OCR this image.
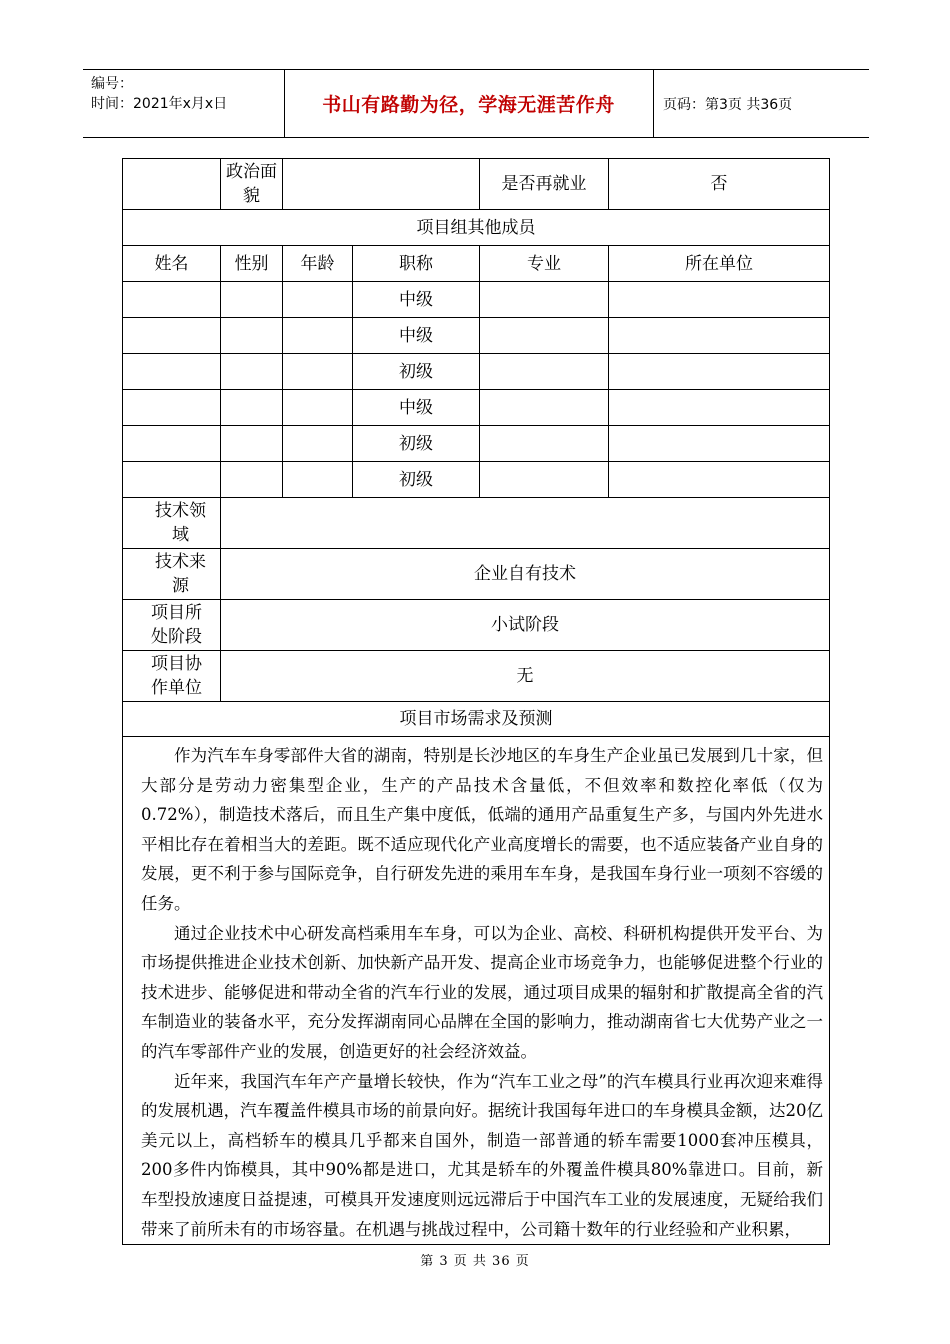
编号：
时间：2021年x月x日	书山有路勤为径，学海无涯苦作舟	页码：第3页 共36页
	政治面貌			是否再就业	否
项目组其他成员					
姓名	性别	年龄	职称	专业	所在单位
			中级		
			中级		
			初级		
			中级		
			初级		
			初级		
技术领域					
技术来源	企业自有技术				
项目所处阶段	小试阶段				
项目协作单位	无				
项目市场需求及预测					

作为汽车车身零部件大省的湖南，特别是长沙地区的车身生产企业虽已发展到几十家，但大部分是劳动力密集型企业，生产的产品技术含量低，不但效率和数控化率低（仅为0.72%），制造技术落后，而且生产集中度低，低端的通用产品重复生产多，与国内外先进水平相比存在着相当大的差距。既不适应现代化产业高度增长的需要，也不适应装备产业自身的发展，更不利于参与国际竞争，自行研发先进的乘用车车身，是我国车身行业一项刻不容缓的任务。

通过企业技术中心研发高档乘用车车身，可以为企业、高校、科研机构提供开发平台、为市场提供推进企业技术创新、加快新产品开发、提高企业市场竞争力，也能够促进整个行业的技术进步、能够促进和带动全省的汽车行业的发展，通过项目成果的辐射和扩散提高全省的汽车制造业的装备水平，充分发挥湖南同心品牌在全国的影响力，推动湖南省七大优势产业之一的汽车零部件产业的发展，创造更好的社会经济效益。

近年来，我国汽车年产产量增长较快，作为“汽车工业之母”的汽车模具行业再次迎来难得的发展机遇，汽车覆盖件模具市场的前景向好。据统计我国每年进口的车身模具金额，达20亿美元以上，高档轿车的模具几乎都来自国外，制造一部普通的轿车需要1000套冲压模具，200多件内饰模具，其中90%都是进口，尤其是轿车的外覆盖件模具80%靠进口。目前，新车型投放速度日益提速，可模具开发速度则远远滞后于中国汽车工业的发展速度，无疑给我们带来了前所未有的市场容量。在机遇与挑战过程中，公司籍十数年的行业经验和产业积累，					

第 3 页 共 36 页
